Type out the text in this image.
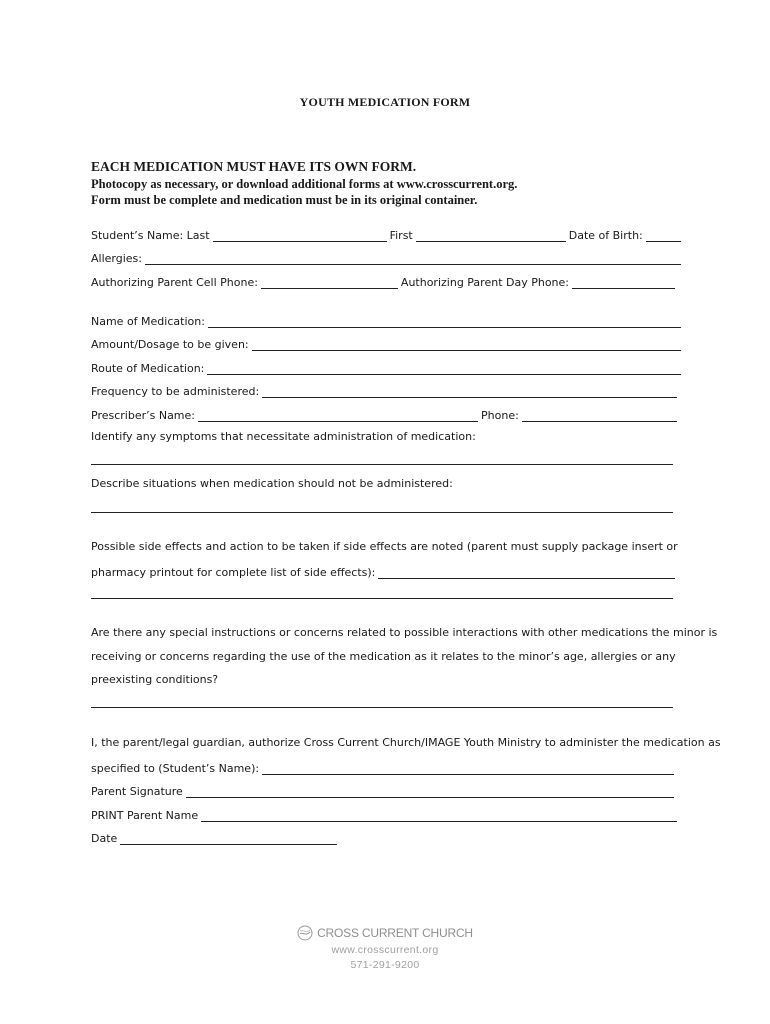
YOUTH MEDICATION FORM
EACH MEDICATION MUST HAVE ITS OWN FORM.
Photocopy as necessary, or download additional forms at www.crosscurrent.org.
Form must be complete and medication must be in its original container.
Student’s Name: Last	First	Date of Birth:
Allergies:
Authorizing Parent Cell Phone:	Authorizing Parent Day Phone:
Name of Medication:
Amount/Dosage to be given:
Route of Medication:
Frequency to be administered:
Prescriber’s Name:	Phone:
Identify any symptoms that necessitate administration of medication:
Describe situations when medication should not be administered:
Possible side effects and action to be taken if side effects are noted (parent must supply package insert or
pharmacy printout for complete list of side effects):
Are there any special instructions or concerns related to possible interactions with other medications the minor is
receiving or concerns regarding the use of the medication as it relates to the minor’s age, allergies or any
preexisting conditions?
I, the parent/legal guardian, authorize Cross Current Church/IMAGE Youth Ministry to administer the medication as
specified to (Student’s Name):
Parent Signature
PRINT Parent Name
Date
CROSS CURRENT CHURCH
www.crosscurrent.org
571-291-9200
